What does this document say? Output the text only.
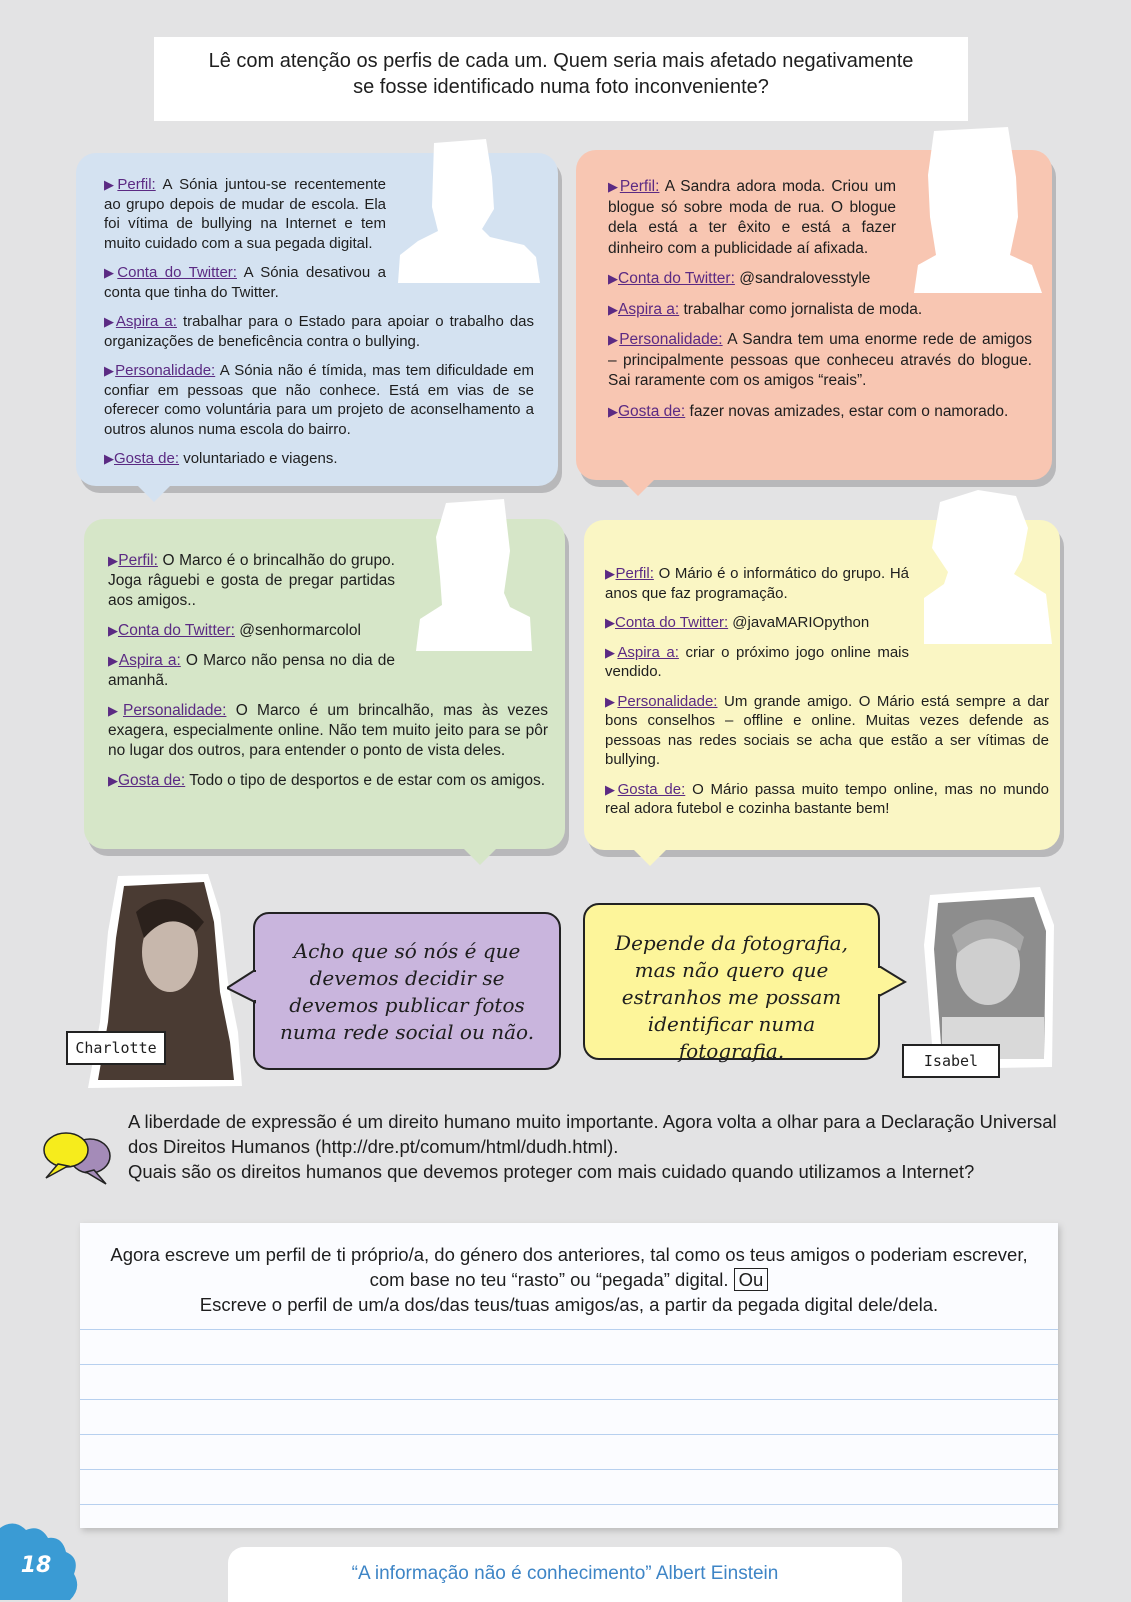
Lê com atenção os perfis de cada um. Quem seria mais afetado negativamente
se fosse identificado numa foto inconveniente?

▶Perfil: A Sónia juntou-se recentemente ao grupo depois de mudar de escola. Ela foi vítima de bullying na Internet e tem muito cuidado com a sua pegada digital.

▶Conta do Twitter: A Sónia desativou a conta que tinha do Twitter.

▶Aspira a: trabalhar para o Estado para apoiar o trabalho das organizações de beneficência contra o bullying.

▶Personalidade: A Sónia não é tímida, mas tem dificuldade em confiar em pessoas que não conhece. Está em vias de se oferecer como voluntária para um projeto de aconselhamento a outros alunos numa escola do bairro.

▶Gosta de: voluntariado e viagens.

▶Perfil: A Sandra adora moda. Criou um blogue só sobre moda de rua. O blogue dela está a ter êxito e está a fazer dinheiro com a publicidade aí afixada.

▶Conta do Twitter: @sandralovesstyle

▶Aspira a: trabalhar como jornalista de moda.

▶Personalidade: A Sandra tem uma enorme rede de amigos – principalmente pessoas que conheceu através do blogue. Sai raramente com os amigos “reais”.

▶Gosta de: fazer novas amizades, estar com o namorado.

▶Perfil: O Marco é o brincalhão do grupo. Joga râguebi e gosta de pregar partidas aos amigos..

▶Conta do Twitter: @senhormarcolol

▶Aspira a: O Marco não pensa no dia de amanhã.

▶Personalidade: O Marco é um brincalhão, mas às vezes exagera, especialmente online. Não tem muito jeito para se pôr no lugar dos outros, para entender o ponto de vista deles.

▶Gosta de: Todo o tipo de desportos e de estar com os amigos.

▶Perfil: O Mário é o informático do grupo. Há anos que faz programação.

▶Conta do Twitter: @javaMARIOpython

▶Aspira a: criar o próximo jogo online mais vendido.

▶Personalidade: Um grande amigo. O Mário está sempre a dar bons conselhos – offline e online. Muitas vezes defende as pessoas nas redes sociais se acha que estão a ser vítimas de bullying.

▶Gosta de: O Mário passa muito tempo online, mas no mundo real adora futebol e cozinha bastante bem!

Charlotte
Acho que só nós é que devemos decidir se devemos publicar fotos numa rede social ou não.
Depende da fotografia, mas não quero que estranhos me possam identificar numa fotografia.	Isabel
A liberdade de expressão é um direito humano muito importante. Agora volta a olhar para a Declaração Universal dos Direitos Humanos (http://dre.pt/comum/html/dudh.html).
Quais são os direitos humanos que devemos proteger com mais cuidado quando utilizamos a Internet?
Agora escreve um perfil de ti próprio/a, do género dos anteriores, tal como os teus amigos o poderiam escrever, com base no teu “rasto” ou “pegada” digital. Ou
Escreve o perfil de um/a dos/das teus/tuas amigos/as, a partir da pegada digital dele/dela.
“A informação não é conhecimento” Albert Einstein
18
